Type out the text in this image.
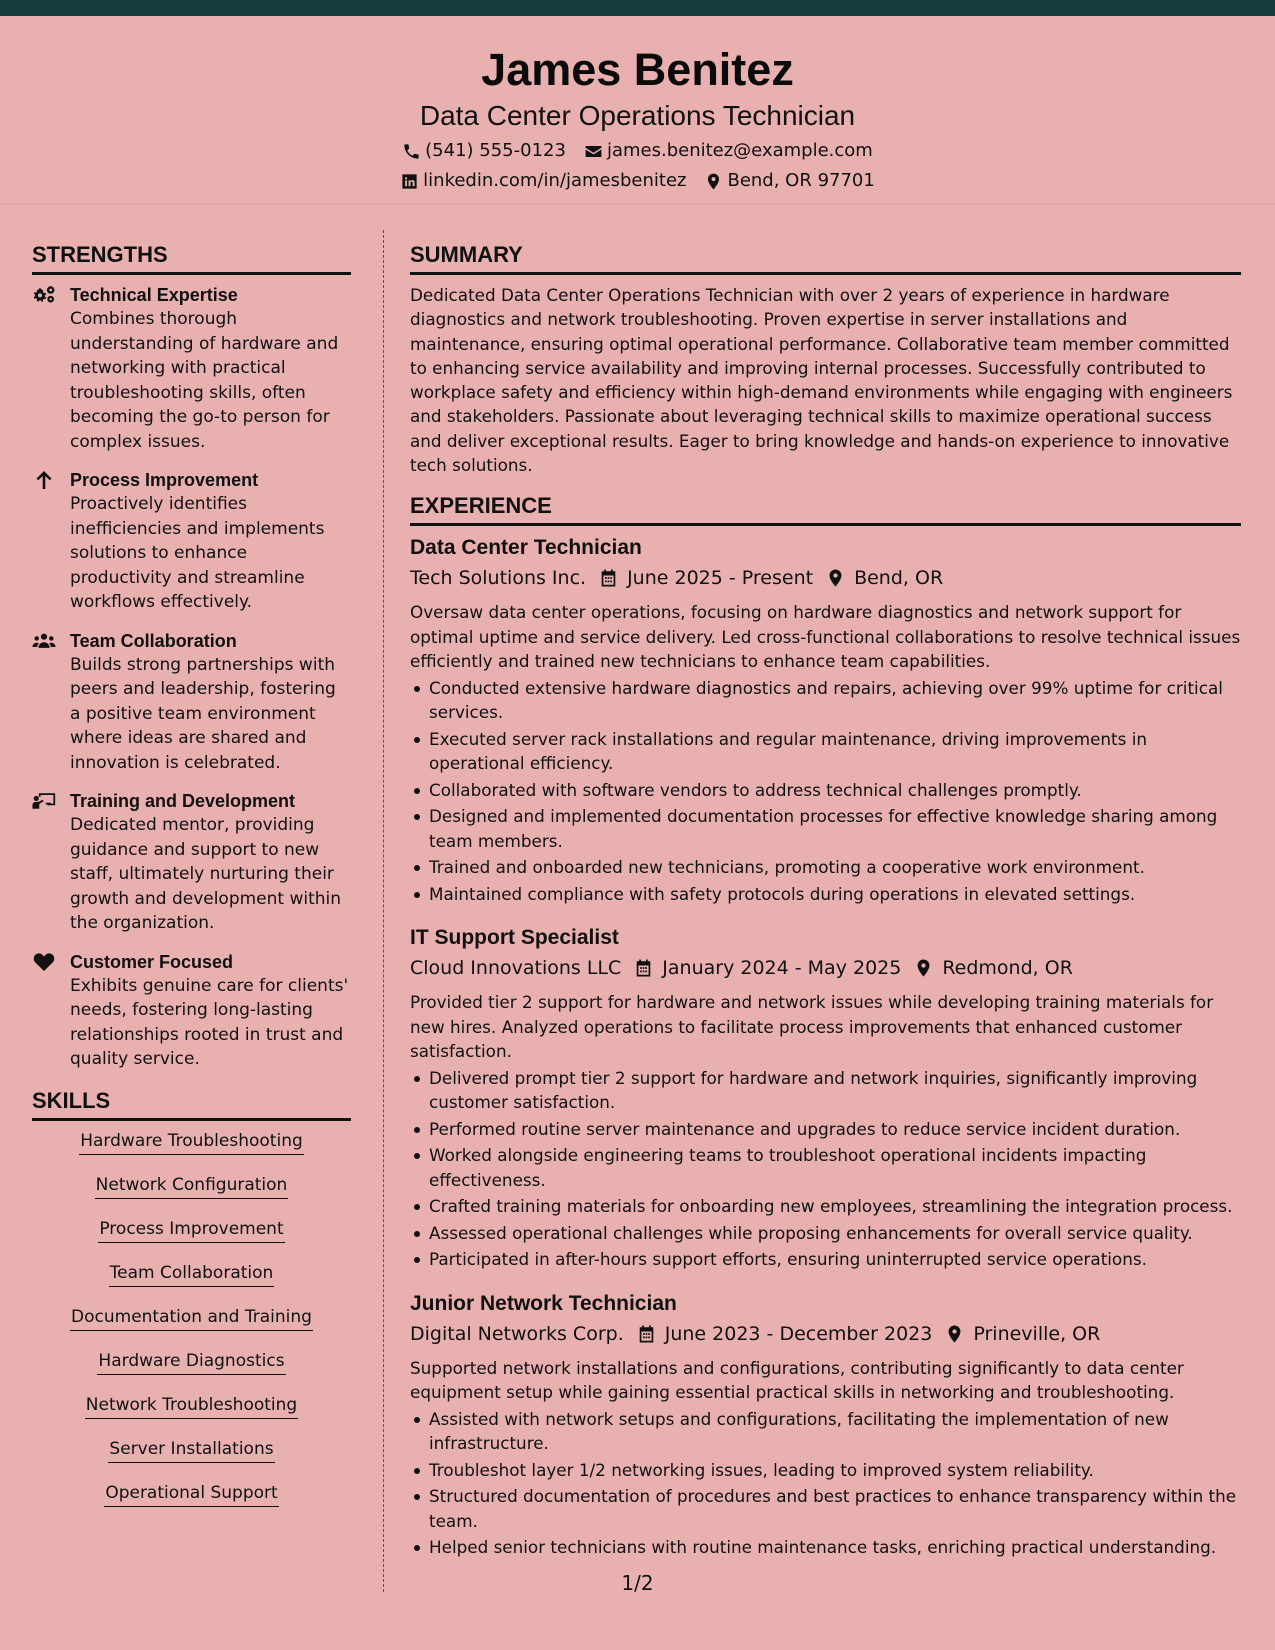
James Benitez
Data Center Operations Technician
(541) 555-0123 james.benitez@example.com
linkedin.com/in/jamesbenitez Bend, OR 97701
STRENGTHS
Technical Expertise
Combines thorough understanding of hardware and networking with practical troubleshooting skills, often becoming the go-to person for complex issues.
Process Improvement
Proactively identifies inefficiencies and implements solutions to enhance productivity and streamline workflows effectively.
Team Collaboration
Builds strong partnerships with peers and leadership, fostering a positive team environment where ideas are shared and innovation is celebrated.
Training and Development
Dedicated mentor, providing guidance and support to new staff, ultimately nurturing their growth and development within the organization.
Customer Focused
Exhibits genuine care for clients' needs, fostering long-lasting relationships rooted in trust and quality service.
SKILLS
Hardware Troubleshooting
Network Configuration
Process Improvement
Team Collaboration
Documentation and Training
Hardware Diagnostics
Network Troubleshooting
Server Installations
Operational Support
SUMMARY
Dedicated Data Center Operations Technician with over 2 years of experience in hardware diagnostics and network troubleshooting. Proven expertise in server installations and maintenance, ensuring optimal operational performance. Collaborative team member committed to enhancing service availability and improving internal processes. Successfully contributed to workplace safety and efficiency within high-demand environments while engaging with engineers and stakeholders. Passionate about leveraging technical skills to maximize operational success and deliver exceptional results. Eager to bring knowledge and hands-on experience to innovative tech solutions.
EXPERIENCE
Data Center Technician
Tech Solutions Inc. June 2025 - Present Bend, OR
Oversaw data center operations, focusing on hardware diagnostics and network support for optimal uptime and service delivery. Led cross-functional collaborations to resolve technical issues efficiently and trained new technicians to enhance team capabilities.
Conducted extensive hardware diagnostics and repairs, achieving over 99% uptime for critical services.
Executed server rack installations and regular maintenance, driving improvements in operational efficiency.
Collaborated with software vendors to address technical challenges promptly.
Designed and implemented documentation processes for effective knowledge sharing among team members.
Trained and onboarded new technicians, promoting a cooperative work environment.
Maintained compliance with safety protocols during operations in elevated settings.
IT Support Specialist
Cloud Innovations LLC January 2024 - May 2025 Redmond, OR
Provided tier 2 support for hardware and network issues while developing training materials for new hires. Analyzed operations to facilitate process improvements that enhanced customer satisfaction.
Delivered prompt tier 2 support for hardware and network inquiries, significantly improving customer satisfaction.
Performed routine server maintenance and upgrades to reduce service incident duration.
Worked alongside engineering teams to troubleshoot operational incidents impacting effectiveness.
Crafted training materials for onboarding new employees, streamlining the integration process.
Assessed operational challenges while proposing enhancements for overall service quality.
Participated in after-hours support efforts, ensuring uninterrupted service operations.
Junior Network Technician
Digital Networks Corp. June 2023 - December 2023 Prineville, OR
Supported network installations and configurations, contributing significantly to data center equipment setup while gaining essential practical skills in networking and troubleshooting.
Assisted with network setups and configurations, facilitating the implementation of new infrastructure.
Troubleshot layer 1/2 networking issues, leading to improved system reliability.
Structured documentation of procedures and best practices to enhance transparency within the team.
Helped senior technicians with routine maintenance tasks, enriching practical understanding.
1/2
